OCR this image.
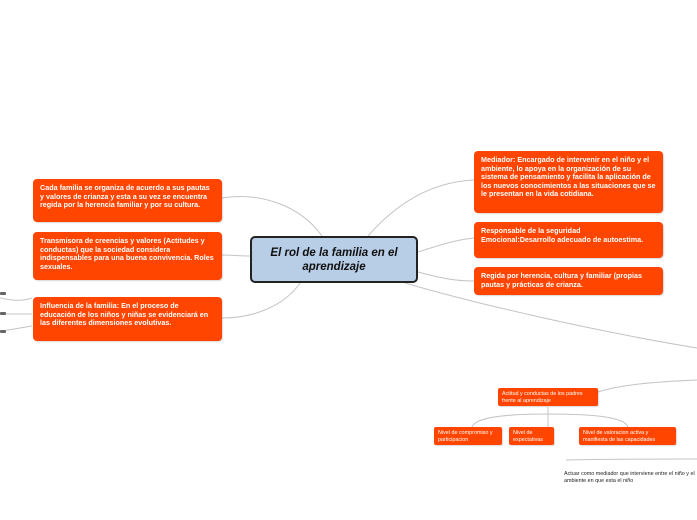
El rol de la familia en el aprendizaje
Cada familia se organiza de acuerdo a sus pautas y valores de crianza y esta a su vez se encuentra regida por la herencia familiar y por su cultura.
Transmisora de creencias y valores (Actitudes y conductas) que la sociedad considera indispensables para una buena convivencia. Roles sexuales.
Influencia de la familia: En el proceso de educación de los niños y niñas se evidenciará en las diferentes dimensiones evolutivas.
Mediador: Encargado de intervenir en el niño y el ambiente, lo apoya en la organización de su sistema de pensamiento y facilita la aplicación de los nuevos conocimientos a las situaciones que se le presentan en la vida cotidiana.
Responsable de la seguridad Emocional:Desarrollo adecuado de autoestima.
Regida por herencia, cultura y familiar (propias pautas y prácticas de crianza.
Actitud y conductas de los padres frente al aprendizaje
Nivel de compromiso y participacion
Nivel de expectativas
Nivel de valoracion activa y manifiesta de las capacidades
Actuar como mediador que interviene entre el niño y el ambiente en que esta el niño
